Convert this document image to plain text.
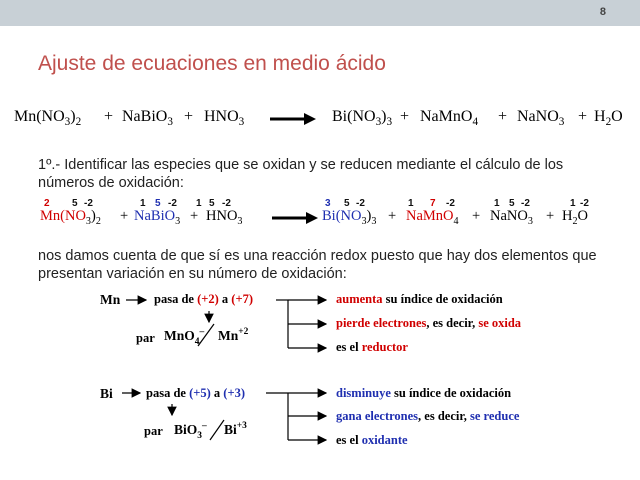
8
Ajuste de ecuaciones en medio ácido
$Mn(NO_3)_2$ + NaBiO$_3$ + $HNO_3 \to Bi(NO_3)_3$ + NaMnO$_4$ + NaNO$_3$ + $H_2O$
1º.- Identificar las especies que se oxidan y se reducen mediante el cálculo de los números de oxidación:
2 5 -2	1 5 -2 1 5 -2	3 5 -2	1 7 -2	1 5 -2	1 -2
$Mn(NO_3)_2$ + NaBiO$_3$ + $HNO_3 \to Bi(NO_3)_3$ + NaMnO$_4$ + NaNO$_3$ + $H_2O$
nos damos cuenta de que sí es una reacción redox puesto que hay dos elementos que presentan variación en su número de oxidación:
Mn	pasa de (+2) a (+7)
par MnO$_4$– $Mn^{+2}$
aumenta su índice de oxidación
pierde electrones, es decir, se oxida
es el reductor
Bi	pasa de (+5) a (+3)
par BiO$_3$– $Bi^{+3}$
disminuye su índice de oxidación
gana electrones, es decir, se reduce
es el oxidante
